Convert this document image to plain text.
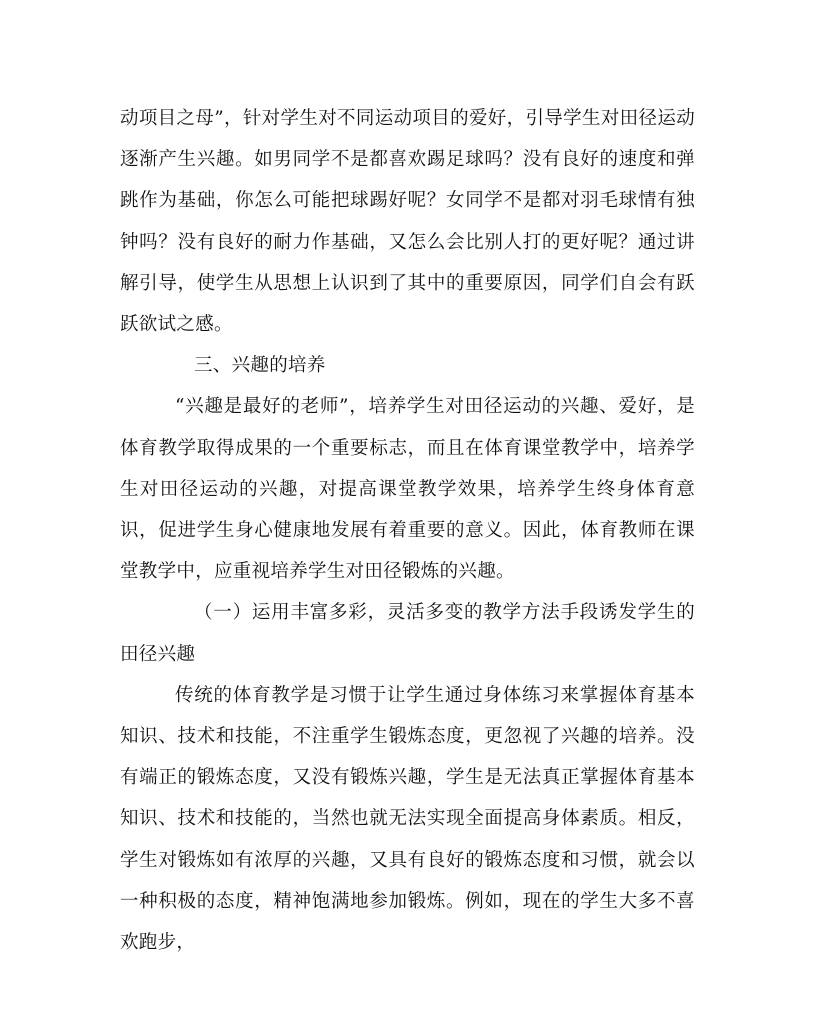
动项目之母”，针对学生对不同运动项目的爱好，引导学生对田径运动逐渐产生兴趣。如男同学不是都喜欢踢足球吗？没有良好的速度和弹跳作为基础，你怎么可能把球踢好呢？女同学不是都对羽毛球情有独钟吗？没有良好的耐力作基础，又怎么会比别人打的更好呢？通过讲解引导，使学生从思想上认识到了其中的重要原因，同学们自会有跃跃欲试之感。

三、兴趣的培养

“兴趣是最好的老师”，培养学生对田径运动的兴趣、爱好，是体育教学取得成果的一个重要标志，而且在体育课堂教学中，培养学生对田径运动的兴趣，对提高课堂教学效果，培养学生终身体育意识，促进学生身心健康地发展有着重要的意义。因此，体育教师在课堂教学中，应重视培养学生对田径锻炼的兴趣。

（一）运用丰富多彩，灵活多变的教学方法手段诱发学生的田径兴趣

传统的体育教学是习惯于让学生通过身体练习来掌握体育基本知识、技术和技能，不注重学生锻炼态度，更忽视了兴趣的培养。没有端正的锻炼态度，又没有锻炼兴趣，学生是无法真正掌握体育基本知识、技术和技能的，当然也就无法实现全面提高身体素质。相反，学生对锻炼如有浓厚的兴趣，又具有良好的锻炼态度和习惯，就会以一种积极的态度，精神饱满地参加锻炼。例如，现在的学生大多不喜欢跑步，
